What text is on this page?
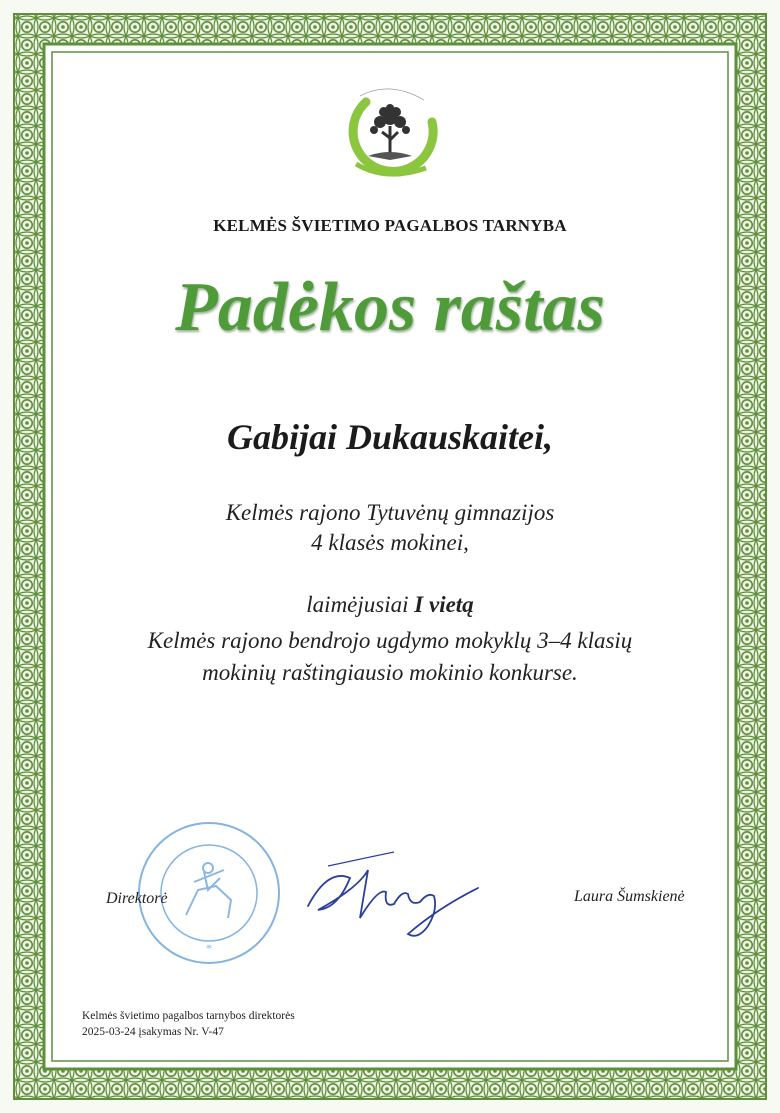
KELMĖS ŠVIETIMO PAGALBOS TARNYBA
Padėkos raštas
Gabijai Dukauskaitei,
Kelmės rajono Tytuvėnų gimnazijos
4 klasės mokinei,
laimėjusiai I vietą
Kelmės rajono bendrojo ugdymo mokyklų 3–4 klasių
mokinių raštingiausio mokinio konkurse.
*
Direktorė	Laura Šumskienė
Kelmės švietimo pagalbos tarnybos direktorės
2025-03-24 įsakymas Nr. V-47
